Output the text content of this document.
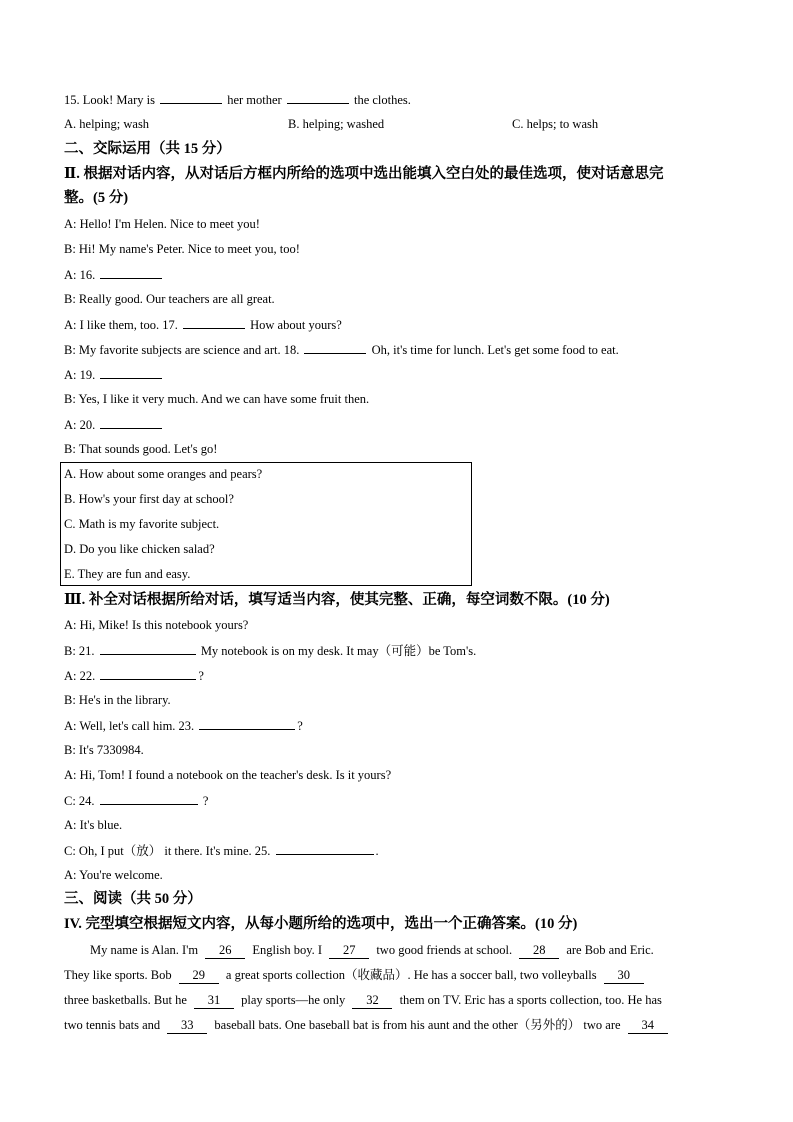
15. Look! Mary is	her mother	the clothes.
A. helping; wash	B. helping; washed	C. helps; to wash
二、交际运用（共 15 分）
Ⅱ. 根据对话内容，从对话后方框内所给的选项中选出能填入空白处的最佳选项，使对话意思完
整。(5 分)
A: Hello! I'm Helen. Nice to meet you!
B: Hi! My name's Peter. Nice to meet you, too!
A: 16.
B: Really good. Our teachers are all great.
A: I like them, too. 17.	How about yours?
B: My favorite subjects are science and art. 18.	Oh, it's time for lunch. Let's get some food to eat.
A: 19.
B: Yes, I like it very much. And we can have some fruit then.
A: 20.
B: That sounds good. Let's go!
A. How about some oranges and pears?
B. How's your first day at school?
C. Math is my favorite subject.
D. Do you like chicken salad?
E. They are fun and easy.
Ⅲ. 补全对话根据所给对话，填写适当内容，使其完整、正确，每空词数不限。(10 分)
A: Hi, Mike! Is this notebook yours?
B: 21.	My notebook is on my desk. It may（可能）be Tom's.
A: 22.	?
B: He's in the library.
A: Well, let's call him. 23.	?
B: It's 7330984.
A: Hi, Tom! I found a notebook on the teacher's desk. Is it yours?
C: 24.	?
A: It's blue.
C: Oh, I put（放） it there. It's mine. 25.	.
A: You're welcome.
三、阅读（共 50 分）
IV. 完型填空根据短文内容，从每小题所给的选项中，选出一个正确答案。(10 分)
My name is Alan. I'm 26 English boy. I 27 two good friends at school. 28 are Bob and Eric.
They like sports. Bob 29 a great sports collection（收藏品）. He has a soccer ball, two volleyballs 30
three basketballs. But he 31 play sports—he only 32 them on TV. Eric has a sports collection, too. He has
two tennis bats and 33 baseball bats. One baseball bat is from his aunt and the other（另外的） two are 34
